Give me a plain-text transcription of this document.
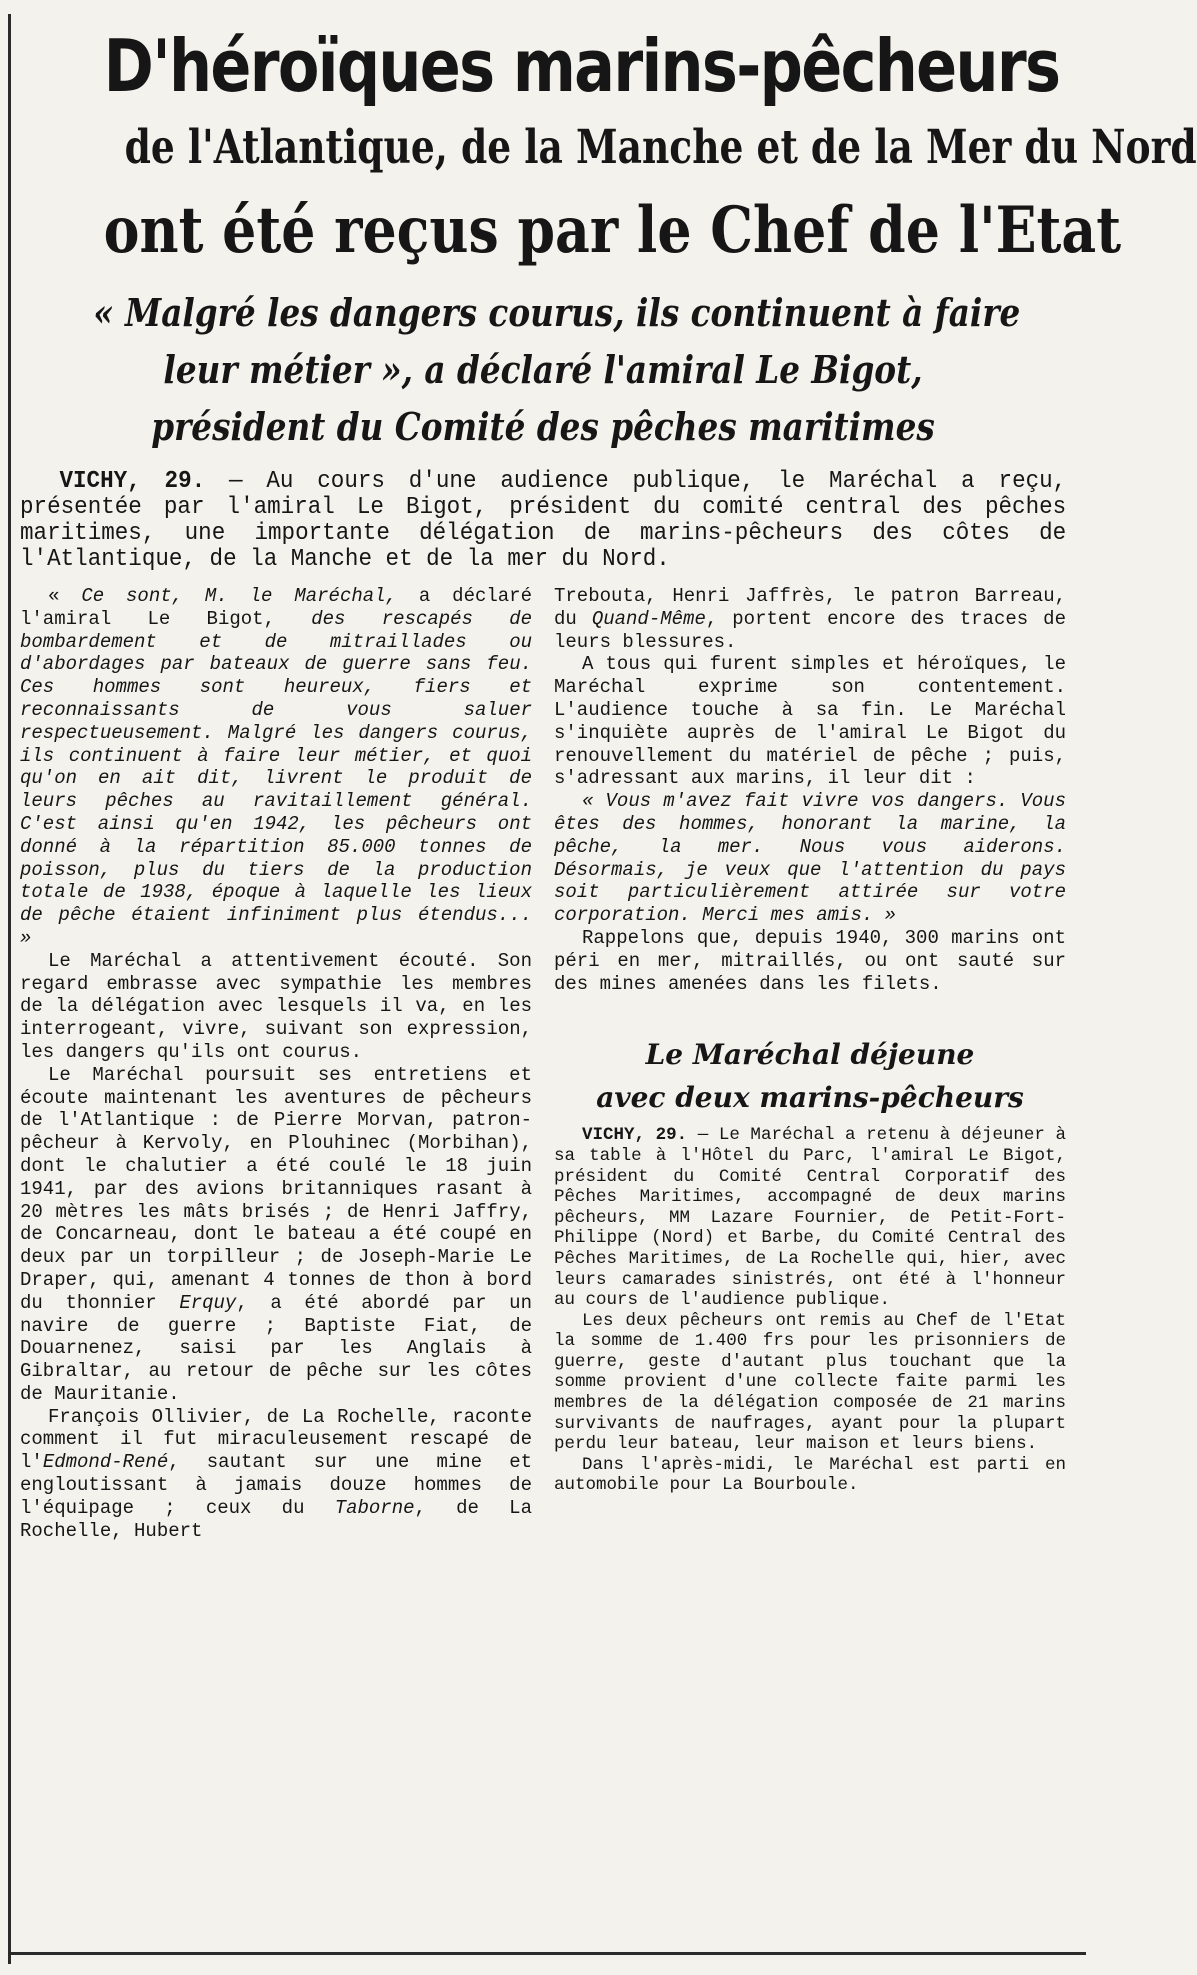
D'héroïques marins-pêcheurs
de l'Atlantique, de la Manche et de la Mer du Nord
ont été reçus par le Chef de l'Etat
« Malgré les dangers courus, ils continuent à faire
leur métier », a déclaré l'amiral Le Bigot,
président du Comité des pêches maritimes

VICHY, 29. — Au cours d'une audience publique, le Maréchal a reçu, présentée par l'amiral Le Bigot, président du comité central des pêches maritimes, une importante délégation de marins-pêcheurs des côtes de l'Atlantique, de la Manche et de la mer du Nord.

« Ce sont, M. le Maréchal, a déclaré l'amiral Le Bigot, des rescapés de bombardement et de mitraillades ou d'abordages par bateaux de guerre sans feu. Ces hommes sont heureux, fiers et reconnaissants de vous saluer respectueusement. Malgré les dangers courus, ils continuent à faire leur métier, et quoi qu'on en ait dit, livrent le produit de leurs pêches au ravitaillement général. C'est ainsi qu'en 1942, les pêcheurs ont donné à la répartition 85.000 tonnes de poisson, plus du tiers de la production totale de 1938, époque à laquelle les lieux de pêche étaient infiniment plus étendus... »

Le Maréchal a attentivement écouté. Son regard embrasse avec sympathie les membres de la délégation avec lesquels il va, en les interrogeant, vivre, suivant son expression, les dangers qu'ils ont courus.

Le Maréchal poursuit ses entretiens et écoute maintenant les aventures de pêcheurs de l'Atlantique : de Pierre Morvan, patron-pêcheur à Kervoly, en Plouhinec (Morbihan), dont le chalutier a été coulé le 18 juin 1941, par des avions britanniques rasant à 20 mètres les mâts brisés ; de Henri Jaffry, de Concarneau, dont le bateau a été coupé en deux par un torpilleur ; de Joseph-Marie Le Draper, qui, amenant 4 tonnes de thon à bord du thonnier Erquy, a été abordé par un navire de guerre ; Baptiste Fiat, de Douarnenez, saisi par les Anglais à Gibraltar, au retour de pêche sur les côtes de Mauritanie.

François Ollivier, de La Rochelle, raconte comment il fut miraculeusement rescapé de l'Edmond-René, sautant sur une mine et engloutissant à jamais douze hommes de l'équipage ; ceux du Taborne, de La Rochelle, Hubert

Trebouta, Henri Jaffrès, le patron Barreau, du Quand-Même, portent encore des traces de leurs blessures.

A tous qui furent simples et héroïques, le Maréchal exprime son contentement. L'audience touche à sa fin. Le Maréchal s'inquiète auprès de l'amiral Le Bigot du renouvellement du matériel de pêche ; puis, s'adressant aux marins, il leur dit :

« Vous m'avez fait vivre vos dangers. Vous êtes des hommes, honorant la marine, la pêche, la mer. Nous vous aiderons. Désormais, je veux que l'attention du pays soit particulièrement attirée sur votre corporation. Merci mes amis. »

Rappelons que, depuis 1940, 300 marins ont péri en mer, mitraillés, ou ont sauté sur des mines amenées dans les filets.

Le Maréchal déjeune
avec deux marins-pêcheurs

VICHY, 29. — Le Maréchal a retenu à déjeuner à sa table à l'Hôtel du Parc, l'amiral Le Bigot, président du Comité Central Corporatif des Pêches Maritimes, accompagné de deux marins pêcheurs, MM Lazare Fournier, de Petit-Fort-Philippe (Nord) et Barbe, du Comité Central des Pêches Maritimes, de La Rochelle qui, hier, avec leurs camarades sinistrés, ont été à l'honneur au cours de l'audience publique.

Les deux pêcheurs ont remis au Chef de l'Etat la somme de 1.400 frs pour les prisonniers de guerre, geste d'autant plus touchant que la somme provient d'une collecte faite parmi les membres de la délégation composée de 21 marins survivants de naufrages, ayant pour la plupart perdu leur bateau, leur maison et leurs biens.

Dans l'après-midi, le Maréchal est parti en automobile pour La Bourboule.
